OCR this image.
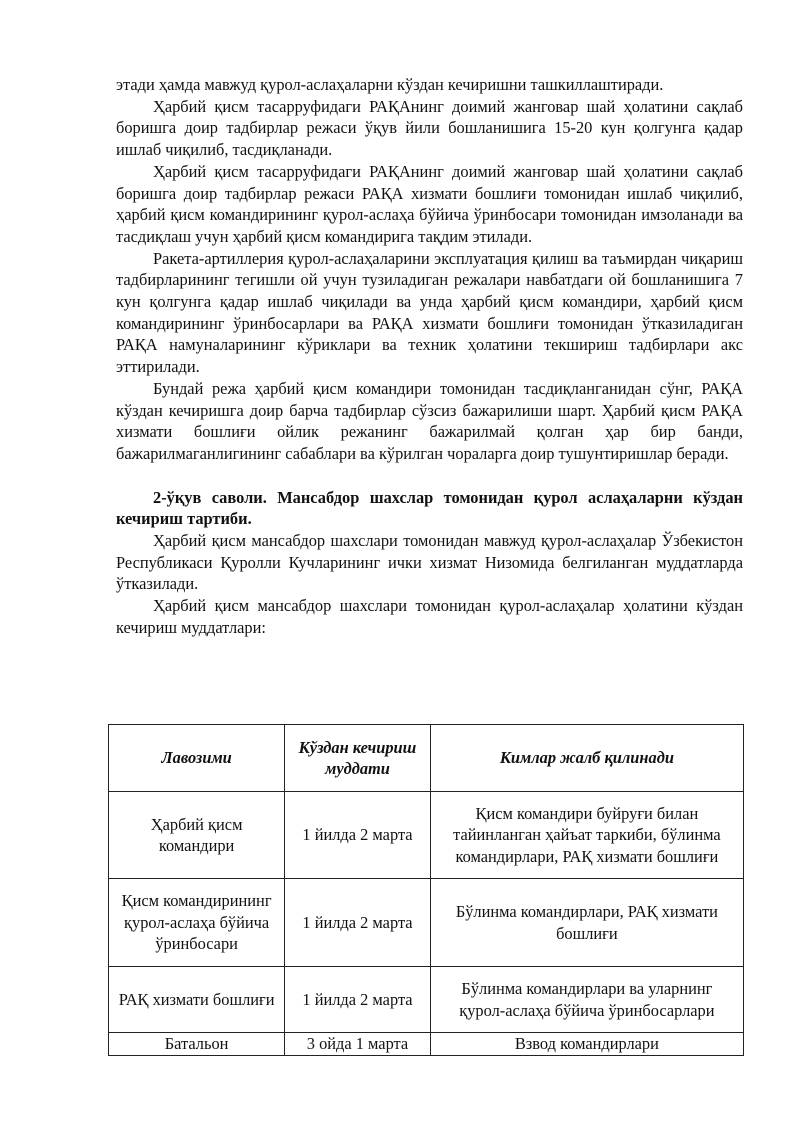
этади ҳамда мавжуд қурол-аслаҳаларни кўздан кечиришни ташкиллаштиради.

Ҳарбий қисм тасарруфидаги РАҚАнинг доимий жанговар шай ҳолатини сақлаб боришга доир тадбирлар режаси ўқув йили бошланишига 15-20 кун қолгунга қадар ишлаб чиқилиб, тасдиқланади.

Ҳарбий қисм тасарруфидаги РАҚАнинг доимий жанговар шай ҳолатини сақлаб боришга доир тадбирлар режаси РАҚА хизмати бошлиғи томонидан ишлаб чиқилиб, ҳарбий қисм командирининг қурол-аслаҳа бўйича ўринбосари томонидан имзоланади ва тасдиқлаш учун ҳарбий қисм командирига тақдим этилади.

Ракета-артиллерия қурол-аслаҳаларини эксплуатация қилиш ва таъмирдан чиқариш тадбирларининг тегишли ой учун тузиладиган режалари навбатдаги ой бошланишига 7 кун қолгунга қадар ишлаб чиқилади ва унда ҳарбий қисм командири, ҳарбий қисм командирининг ўринбосарлари ва РАҚА хизмати бошлиғи томонидан ўтказиладиган РАҚА намуналарининг кўриклари ва техник ҳолатини текшириш тадбирлари акс эттирилади.

Бундай режа ҳарбий қисм командири томонидан тасдиқланганидан сўнг, РАҚА кўздан кечиришга доир барча тадбирлар сўзсиз бажарилиши шарт. Ҳарбий қисм РАҚА хизмати бошлиғи ойлик режанинг бажарилмай қолган ҳар бир банди, бажарилмаганлигининг сабаблари ва кўрилган чораларга доир тушунтиришлар беради.

2-ўқув саволи. Мансабдор шахслар томонидан қурол аслаҳаларни кўздан кечириш тартиби.

Ҳарбий қисм мансабдор шахслари томонидан мавжуд қурол-аслаҳалар Ўзбекистон Республикаси Қуролли Кучларининг ички хизмат Низомида белгиланган муддатларда ўтказилади.

Ҳарбий қисм мансабдор шахслари томонидан қурол-аслаҳалар ҳолатини кўздан кечириш муддатлари:

Лавозими	Кўздан кечириш муддати	Кимлар жалб қилинади
Ҳарбий қисм командири	1 йилда 2 марта	Қисм командири буйруғи билан тайинланган ҳайъат таркиби, бўлинма командирлари, РАҚ хизмати бошлиғи
Қисм командирининг қурол-аслаҳа бўйича ўринбосари	1 йилда 2 марта	Бўлинма командирлари, РАҚ хизмати бошлиғи
РАҚ хизмати бошлиғи	1 йилда 2 марта	Бўлинма командирлари ва уларнинг қурол-аслаҳа бўйича ўринбосарлари
Батальон	3 ойда 1 марта	Взвод командирлари
